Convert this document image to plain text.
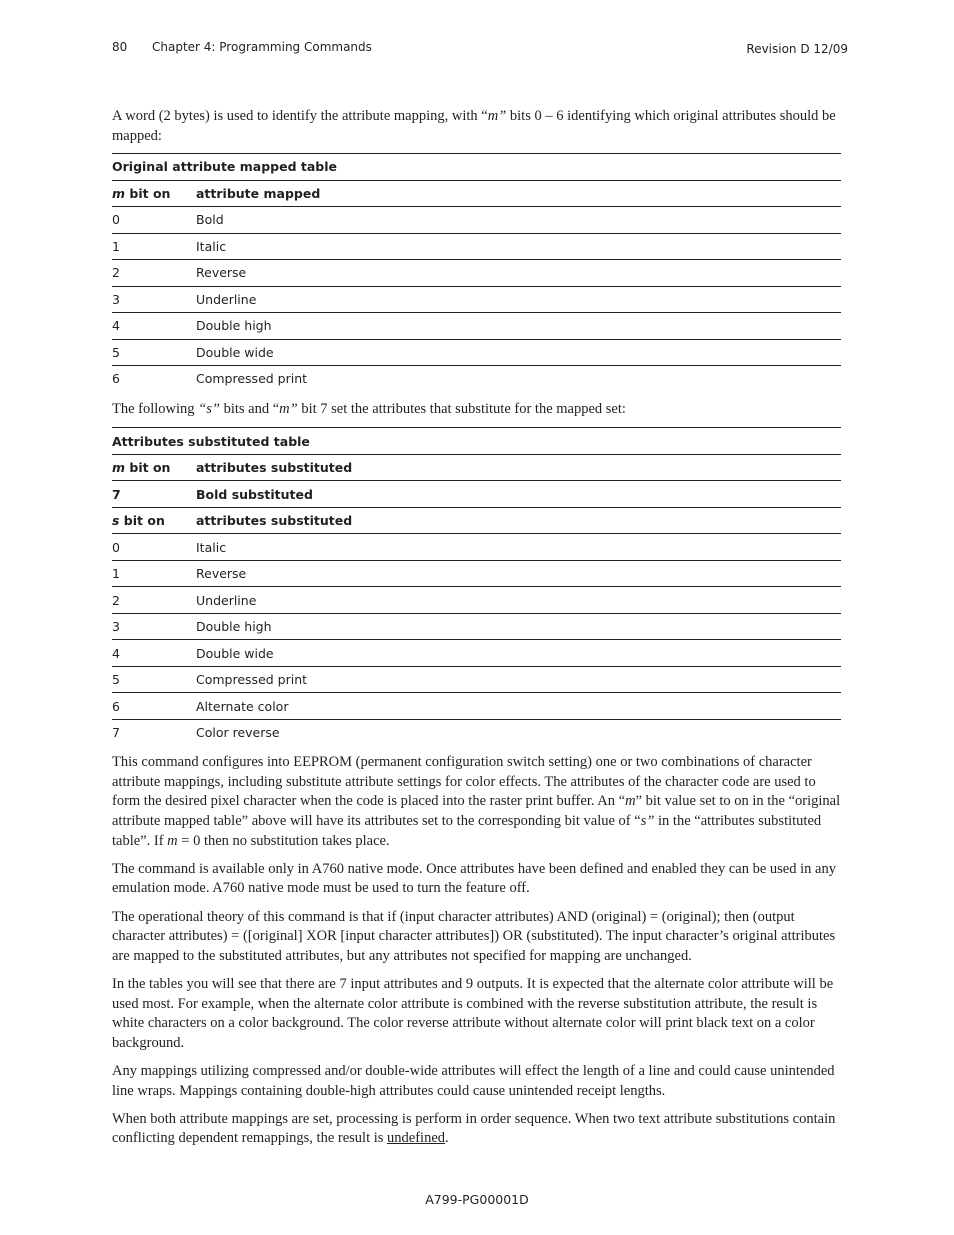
80 Chapter 4: Programming Commands	Revision D 12/09

A word (2 bytes) is used to identify the attribute mapping, with “m” bits 0 – 6 identifying which original attributes should be mapped:

Original attribute mapped table	
m bit on	attribute mapped
0	Bold
1	Italic
2	Reverse
3	Underline
4	Double high
5	Double wide
6	Compressed print

The following “s” bits and “m” bit 7 set the attributes that substitute for the mapped set:

Attributes substituted table	
m bit on	attributes substituted
7	Bold substituted
s bit on	attributes substituted
0	Italic
1	Reverse
2	Underline
3	Double high
4	Double wide
5	Compressed print
6	Alternate color
7	Color reverse

This command configures into EEPROM (permanent configuration switch setting) one or two combinations of character attribute mappings, including substitute attribute settings for color effects. The attributes of the character code are used to form the desired pixel character when the code is placed into the raster print buffer. An “m” bit value set to on in the “original attribute mapped table” above will have its attributes set to the corresponding bit value of “s” in the “attributes substituted table”. If m = 0 then no substitution takes place.

The command is available only in A760 native mode. Once attributes have been defined and enabled they can be used in any emulation mode. A760 native mode must be used to turn the feature off.

The operational theory of this command is that if (input character attributes) AND (original) = (original); then (output character attributes) = ([original] XOR [input character attributes]) OR (substituted). The input character’s original attributes are mapped to the substituted attributes, but any attributes not specified for mapping are unchanged.

In the tables you will see that there are 7 input attributes and 9 outputs. It is expected that the alternate color attribute will be used most. For example, when the alternate color attribute is combined with the reverse substitution attribute, the result is white characters on a color background. The color reverse attribute without alternate color will print black text on a color background.

Any mappings utilizing compressed and/or double-wide attributes will effect the length of a line and could cause unintended line wraps. Mappings containing double-high attributes could cause unintended receipt lengths.

When both attribute mappings are set, processing is perform in order sequence. When two text attribute substitutions contain conflicting dependent remappings, the result is undefined.

A799-PG00001D
